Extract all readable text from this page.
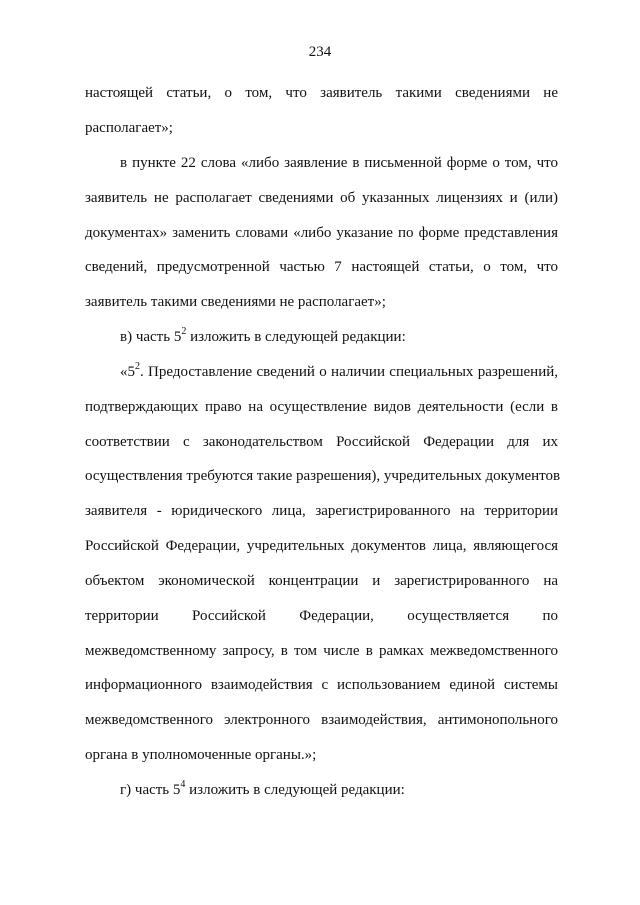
234
настоящей статьи, о том, что заявитель такими сведениями не
располагает»;
в пункте 22 слова «либо заявление в письменной форме о том, что
заявитель не располагает сведениями об указанных лицензиях и (или)
документах» заменить словами «либо указание по форме представления
сведений, предусмотренной частью 7 настоящей статьи, о том, что
заявитель такими сведениями не располагает»;
в) часть $5^2$ изложить в следующей редакции:
«$5^2$. Предоставление сведений о наличии специальных разрешений,
подтверждающих право на осуществление видов деятельности (если в
соответствии с законодательством Российской Федерации для их
осуществления требуются такие разрешения), учредительных документов
заявителя - юридического лица, зарегистрированного на территории
Российской Федерации, учредительных документов лица, являющегося
объектом экономической концентрации и зарегистрированного на
территории Российской Федерации, осуществляется по
межведомственному запросу, в том числе в рамках межведомственного
информационного взаимодействия с использованием единой системы
межведомственного электронного взаимодействия, антимонопольного
органа в уполномоченные органы.»;
г) часть $5^4$ изложить в следующей редакции:
